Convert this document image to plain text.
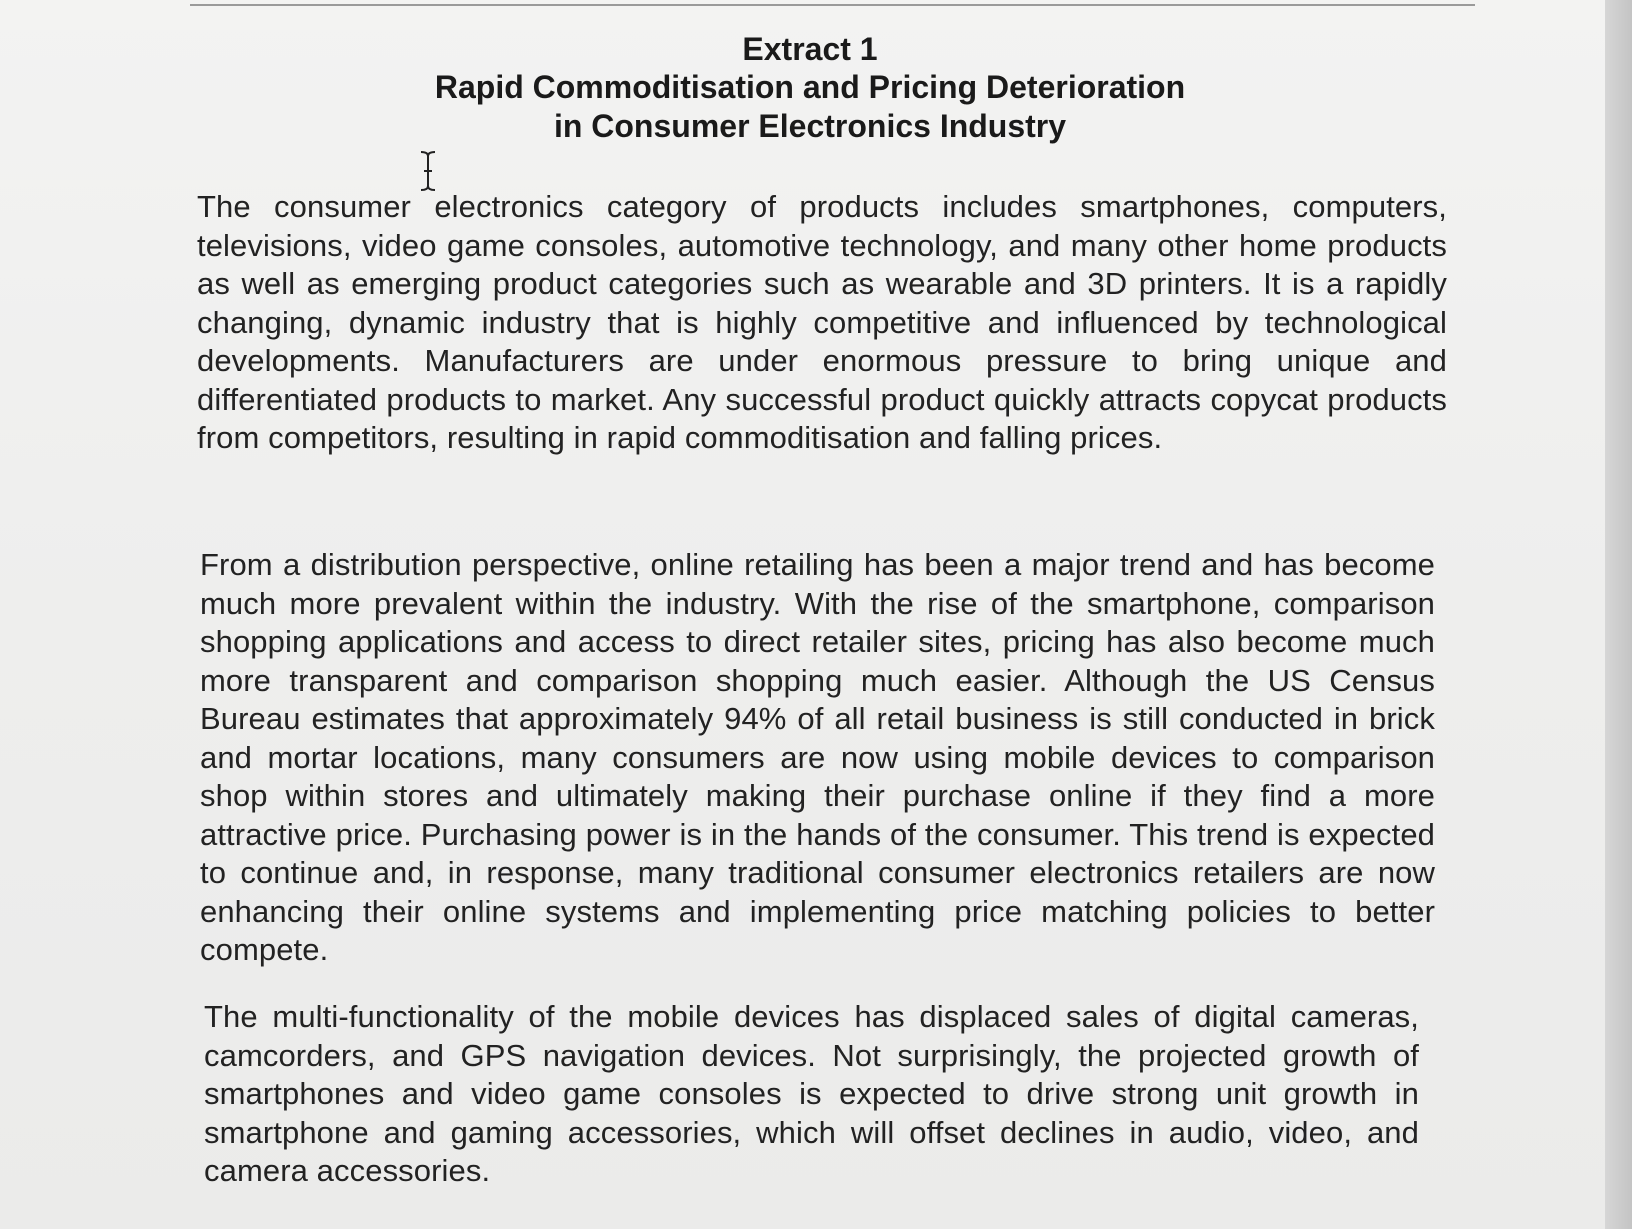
Extract 1
Rapid Commoditisation and Pricing Deterioration
in Consumer Electronics Industry
The consumer electronics category of products includes smartphones, computers, televisions, video game consoles, automotive technology, and many other home products as well as emerging product categories such as wearable and 3D printers. It is a rapidly changing, dynamic industry that is highly competitive and influenced by technological developments. Manufacturers are under enormous pressure to bring unique and differentiated products to market. Any successful product quickly attracts copycat products from competitors, resulting in rapid commoditisation and falling prices.
From a distribution perspective, online retailing has been a major trend and has become much more prevalent within the industry. With the rise of the smartphone, comparison shopping applications and access to direct retailer sites, pricing has also become much more transparent and comparison shopping much easier. Although the US Census Bureau estimates that approximately 94% of all retail business is still conducted in brick and mortar locations, many consumers are now using mobile devices to comparison shop within stores and ultimately making their purchase online if they find a more attractive price. Purchasing power is in the hands of the consumer. This trend is expected to continue and, in response, many traditional consumer electronics retailers are now enhancing their online systems and implementing price matching policies to better compete.
The multi-functionality of the mobile devices has displaced sales of digital cameras, camcorders, and GPS navigation devices. Not surprisingly, the projected growth of smartphones and video game consoles is expected to drive strong unit growth in smartphone and gaming accessories, which will offset declines in audio, video, and camera accessories.
